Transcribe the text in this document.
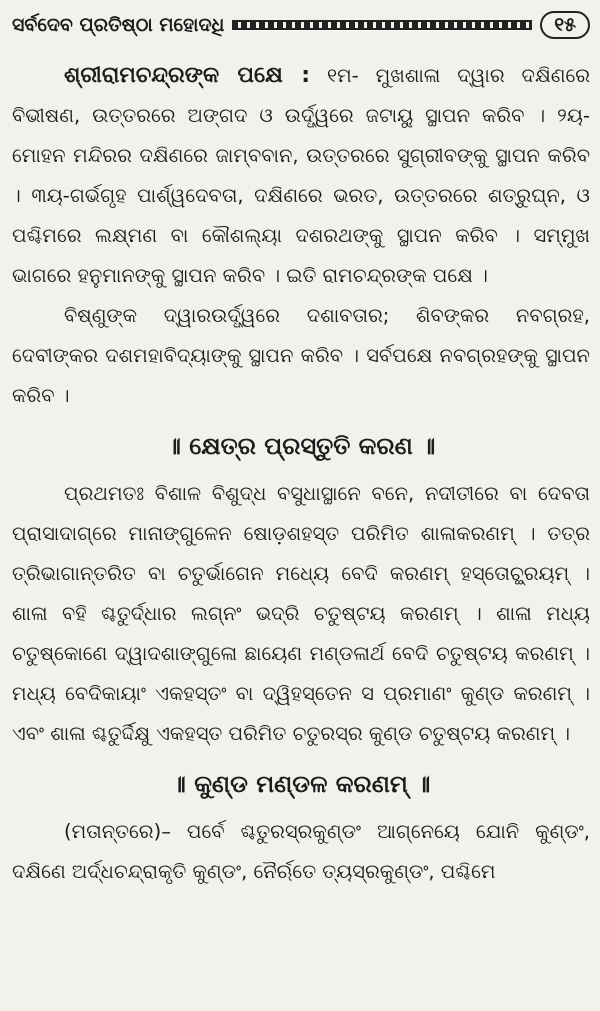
ସର୍ବଦେବ ପ୍ରତିଷ୍ଠା ମହୋଦଧି	୧୫

ଶ୍ରୀରାମଚନ୍ଦ୍ରଙ୍କ ପକ୍ଷେ : ୧ମ- ମୁଖଶାଳା ଦ୍ୱାର ଦକ୍ଷିଣରେ ବିଭୀଷଣ, ଉତ୍ତରରେ ଅଙ୍ଗଦ ଓ ଉର୍ଦ୍ଧ୍ୱରେ ଜଟାୟୁ ସ୍ଥାପନ କରିବ । ୨ୟ-ମୋହନ ମନ୍ଦିରର ଦକ୍ଷିଣରେ ଜାମ୍ବବାନ, ଉତ୍ତରରେ ସୁଗ୍ରୀବଙ୍କୁ ସ୍ଥାପନ କରିବ । ୩ୟ-ଗର୍ଭଗୃହ ପାର୍ଶ୍ୱଦେବତା, ଦକ୍ଷିଣରେ ଭରତ, ଉତ୍ତରରେ ଶତ୍ରୁଘ୍ନ, ଓ ପଶ୍ଚିମରେ ଲକ୍ଷ୍ମଣ ବା କୌଶଲ୍ୟା ଦଶରଥଙ୍କୁ ସ୍ଥାପନ କରିବ । ସମ୍ମୁଖ ଭାଗରେ ହନୁମାନଙ୍କୁ ସ୍ଥାପନ କରିବ । ଇତି ରାମଚନ୍ଦ୍ରଙ୍କ ପକ୍ଷେ ।

ବିଷ୍ଣୁଙ୍କ ଦ୍ୱାରଉର୍ଦ୍ଧ୍ୱରେ ଦଶାବତାର; ଶିବଙ୍କର ନବଗ୍ରହ, ଦେବୀଙ୍କର ଦଶମହାବିଦ୍ୟାଙ୍କୁ ସ୍ଥାପନ କରିବ । ସର୍ବପକ୍ଷେ ନବଗ୍ରହଙ୍କୁ ସ୍ଥାପନ କରିବ ।

॥ କ୍ଷେତ୍ର ପ୍ରସ୍ତୁତି କରଣ ॥

ପ୍ରଥମତଃ ବିଶାଳ ବିଶୁଦ୍ଧ ବସୁଧାସ୍ଥାନେ ବନେ, ନଦୀତୀରେ ବା ଦେବତା ପ୍ରାସାଦାଗ୍ରେ ମାନାଙ୍ଗୁଳେନ ଷୋଡ଼ଶହସ୍ତ ପରିମିତ ଶାଳାକରଣମ୍ । ତତ୍ର ତ୍ରିଭାଗାନ୍ତରିତ ବା ଚତୁର୍ଭାଗେନ ମଧ୍ୟେ ବେଦି କରଣମ୍ ହସ୍ତୋଚ୍ଛ୍ରୟମ୍ । ଶାଳା ବହି ଶ୍ଚତୁର୍ଦ୍ଧାର ଲଗ୍ନଂ ଭଦ୍ରି ଚତୁଷ୍ଟୟ କରଣମ୍ । ଶାଳା ମଧ୍ୟ ଚତୁଷ୍କୋଣେ ଦ୍ୱାଦଶାଙ୍ଗୁଳୋ ଛାୟେଣ ମଣ୍ଡଳାର୍ଥ ବେଦି ଚତୁଷ୍ଟୟ କରଣମ୍ । ମଧ୍ୟ ବେଦିକାୟାଂ ଏକହସ୍ତଂ ବା ଦ୍ୱିହସ୍ତେନ ସ ପ୍ରମାଣଂ କୁଣ୍ଡ କରଣମ୍ । ଏବଂ ଶାଳା ଶ୍ଚତୁର୍ଦ୍ଦିକ୍ଷୁ ଏକହସ୍ତ ପରିମିତ ଚତୁରସ୍ର କୁଣ୍ଡ ଚତୁଷ୍ଟୟ କରଣମ୍ ।

॥ କୁଣ୍ଡ ମଣ୍ଡଳ କରଣମ୍ ॥

(ମତାନ୍ତରେ)– ପର୍ବେ ଶ୍ଚତୁରସ୍ରକୁଣ୍ଡଂ ଆଗ୍ନେୟେ ଯୋନି କୁଣ୍ଡଂ, ଦକ୍ଷିଣେ ଅର୍ଦ୍ଧଚନ୍ଦ୍ରାକୃତି କୁଣ୍ଡଂ, ନୈର୍ଋତେ ତ୍ୟସ୍ରକୁଣ୍ଡଂ, ପଶ୍ଚିମେ
